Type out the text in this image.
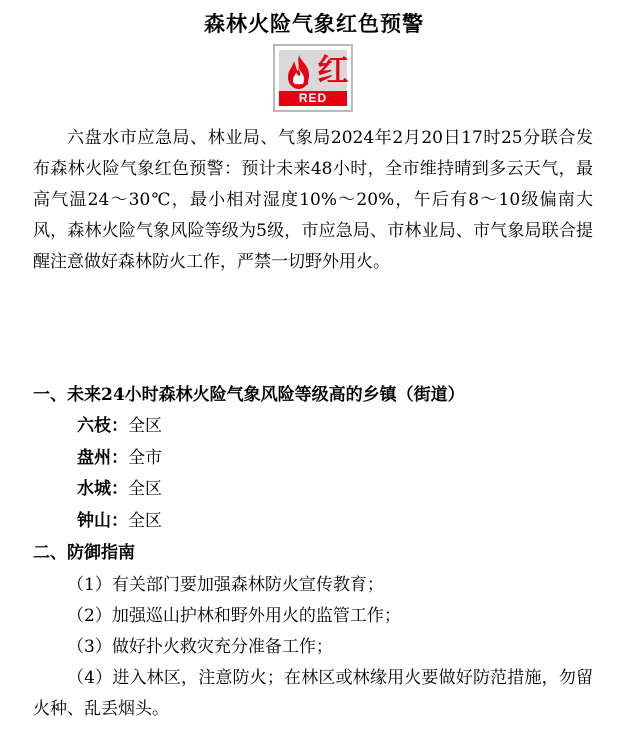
森林火险气象红色预警
红
RED

六盘水市应急局、林业局、气象局2024年2月20日17时25分联合发布森林火险气象红色预警：预计未来48小时，全市维持晴到多云天气，最高气温24～30℃，最小相对湿度10%～20%，午后有8～10级偏南大风，森林火险气象风险等级为5级，市应急局、市林业局、市气象局联合提醒注意做好森林防火工作，严禁一切野外用火。

一、未来24小时森林火险气象风险等级高的乡镇（街道）
六枝：全区
盘州：全市
水城：全区
钟山：全区
二、防御指南
（1）有关部门要加强森林防火宣传教育；
（2）加强巡山护林和野外用火的监管工作；
（3）做好扑火救灾充分准备工作；
（4）进入林区，注意防火；在林区或林缘用火要做好防范措施，勿留火种、乱丢烟头。
